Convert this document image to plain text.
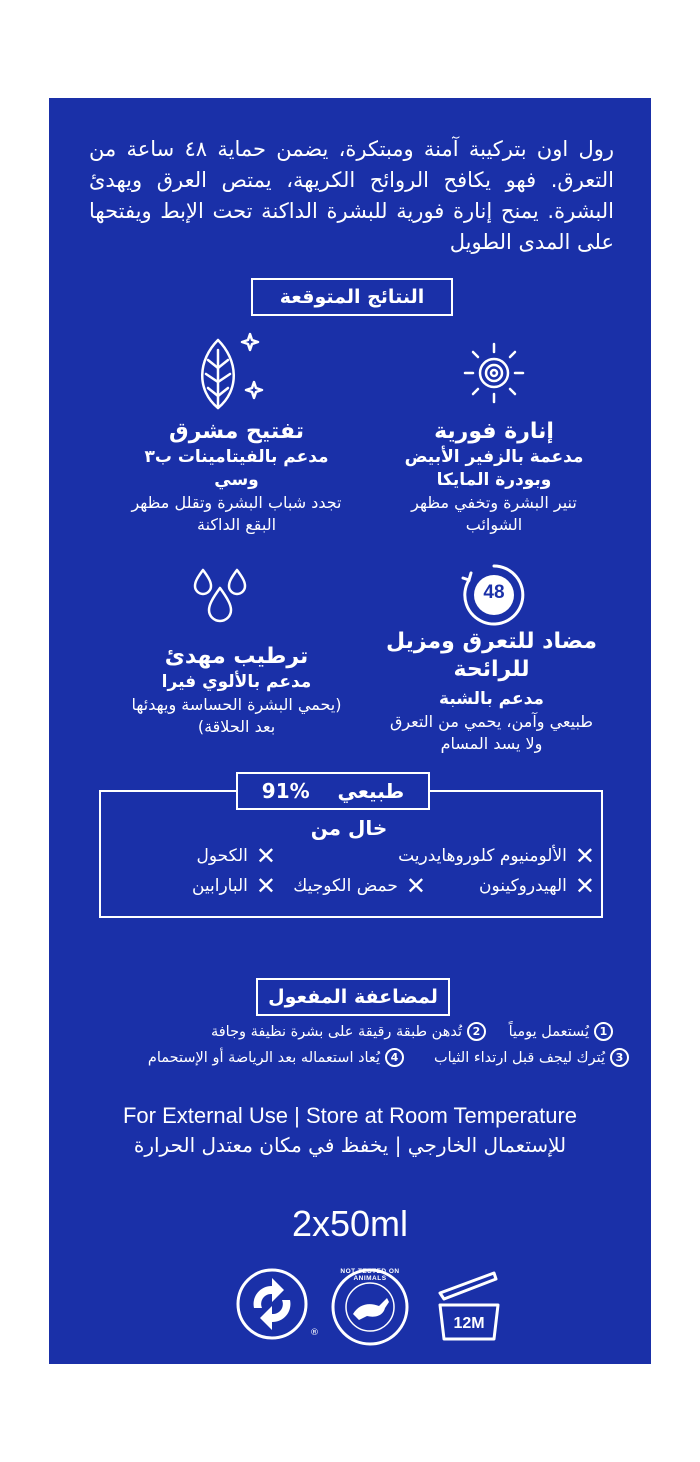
رول اون بتركيبة آمنة ومبتكرة، يضمن حماية ٤٨ ساعة من التعرق. فهو يكافح الروائح الكريهة، يمتص العرق ويهدئ البشرة. يمنح إنارة فورية للبشرة الداكنة تحت الإبط ويفتحها على المدى الطويل
النتائج المتوقعة
إنارة فورية
مدعمة بالزفير الأبيض وبودرة المايكا
تنير البشرة وتخفي مظهر الشوائب
تفتيح مشرق
مدعم بالفيتامينات ب٣ وسي
تجدد شباب البشرة وتقلل مظهر البقع الداكنة
48
مضاد للتعرق ومزيل للرائحة
مدعم بالشبة
طبيعي وآمن، يحمي من التعرق ولا يسد المسام
ترطيب مهدئ
مدعم بالألوي فيرا
(يحمي البشرة الحساسة ويهدئها بعد الحلاقة)
91% طبيعي
خال من
✕
الألومنيوم كلوروهايدريت
✕
الكحول
✕
الهيدروكينون
✕
حمض الكوجيك
✕
البارابين
لمضاعفة المفعول
1
يُستعمل يومياً
2
تُدهن طبقة رقيقة على بشرة نظيفة وجافة
3
يُترك ليجف قبل ارتداء الثياب
4
يُعاد استعماله بعد الرياضة أو الإستحمام
For External Use | Store at Room Temperature
للإستعمال الخارجي | يخفظ في مكان معتدل الحرارة
2x50ml
®
NOT TESTED ON ANIMALS
12M
